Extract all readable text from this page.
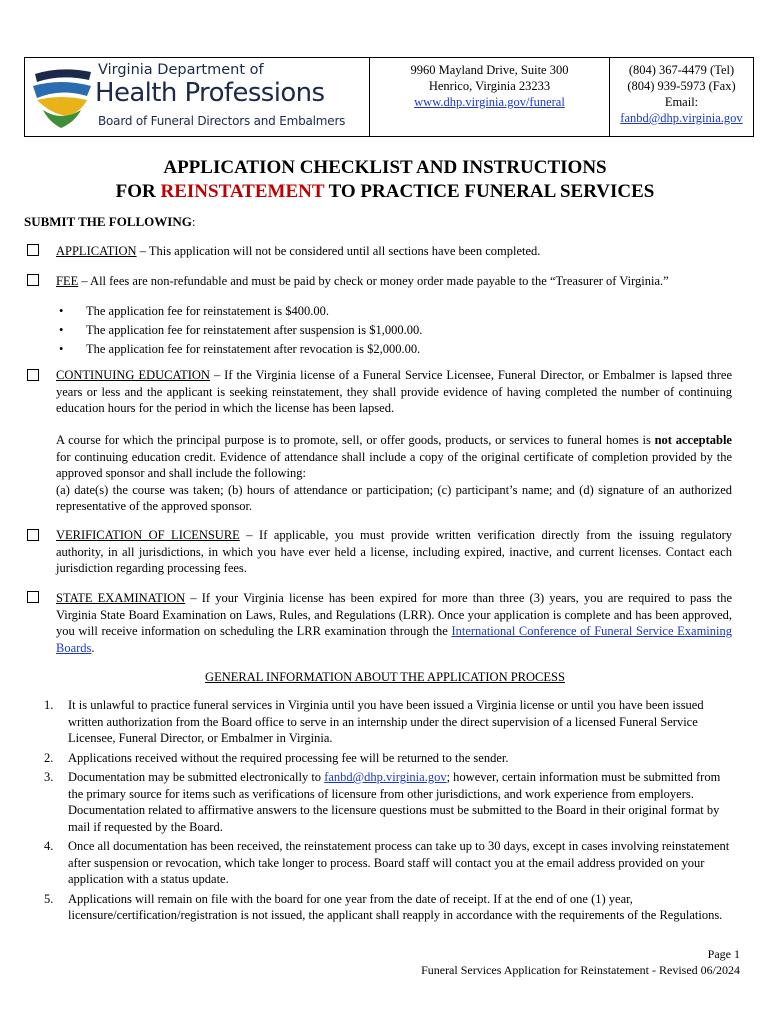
Virginia Department of
Health Professions
Board of Funeral Directors and Embalmers
9960 Mayland Drive, Suite 300
Henrico, Virginia 23233
www.dhp.virginia.gov/funeral
(804) 367-4479 (Tel)
(804) 939-5973 (Fax)
Email:
fanbd@dhp.virginia.gov
APPLICATION CHECKLIST AND INSTRUCTIONS
FOR REINSTATEMENT TO PRACTICE FUNERAL SERVICES
SUBMIT THE FOLLOWING:
APPLICATION – This application will not be considered until all sections have been completed.
FEE – All fees are non-refundable and must be paid by check or money order made payable to the “Treasurer of Virginia.”
• The application fee for reinstatement is $400.00.
• The application fee for reinstatement after suspension is $1,000.00.
• The application fee for reinstatement after revocation is $2,000.00.
CONTINUING EDUCATION – If the Virginia license of a Funeral Service Licensee, Funeral Director, or Embalmer is lapsed three years or less and the applicant is seeking reinstatement, they shall provide evidence of having completed the number of continuing education hours for the period in which the license has been lapsed.
A course for which the principal purpose is to promote, sell, or offer goods, products, or services to funeral homes is not acceptable for continuing education credit. Evidence of attendance shall include a copy of the original certificate of completion provided by the approved sponsor and shall include the following:
(a) date(s) the course was taken; (b) hours of attendance or participation; (c) participant’s name; and (d) signature of an authorized representative of the approved sponsor.
VERIFICATION OF LICENSURE – If applicable, you must provide written verification directly from the issuing regulatory authority, in all jurisdictions, in which you have ever held a license, including expired, inactive, and current licenses. Contact each jurisdiction regarding processing fees.
STATE EXAMINATION – If your Virginia license has been expired for more than three (3) years, you are required to pass the Virginia State Board Examination on Laws, Rules, and Regulations (LRR). Once your application is complete and has been approved, you will receive information on scheduling the LRR examination through the International Conference of Funeral Service Examining Boards.
GENERAL INFORMATION ABOUT THE APPLICATION PROCESS
1. It is unlawful to practice funeral services in Virginia until you have been issued a Virginia license or until you have been issued written authorization from the Board office to serve in an internship under the direct supervision of a licensed Funeral Service Licensee, Funeral Director, or Embalmer in Virginia.
2. Applications received without the required processing fee will be returned to the sender.
3. Documentation may be submitted electronically to fanbd@dhp.virginia.gov; however, certain information must be submitted from the primary source for items such as verifications of licensure from other jurisdictions, and work experience from employers. Documentation related to affirmative answers to the licensure questions must be submitted to the Board in their original format by mail if requested by the Board.
4. Once all documentation has been received, the reinstatement process can take up to 30 days, except in cases involving reinstatement after suspension or revocation, which take longer to process. Board staff will contact you at the email address provided on your application with a status update.
5. Applications will remain on file with the board for one year from the date of receipt. If at the end of one (1) year, licensure/certification/registration is not issued, the applicant shall reapply in accordance with the requirements of the Regulations.
Page 1
Funeral Services Application for Reinstatement - Revised 06/2024
